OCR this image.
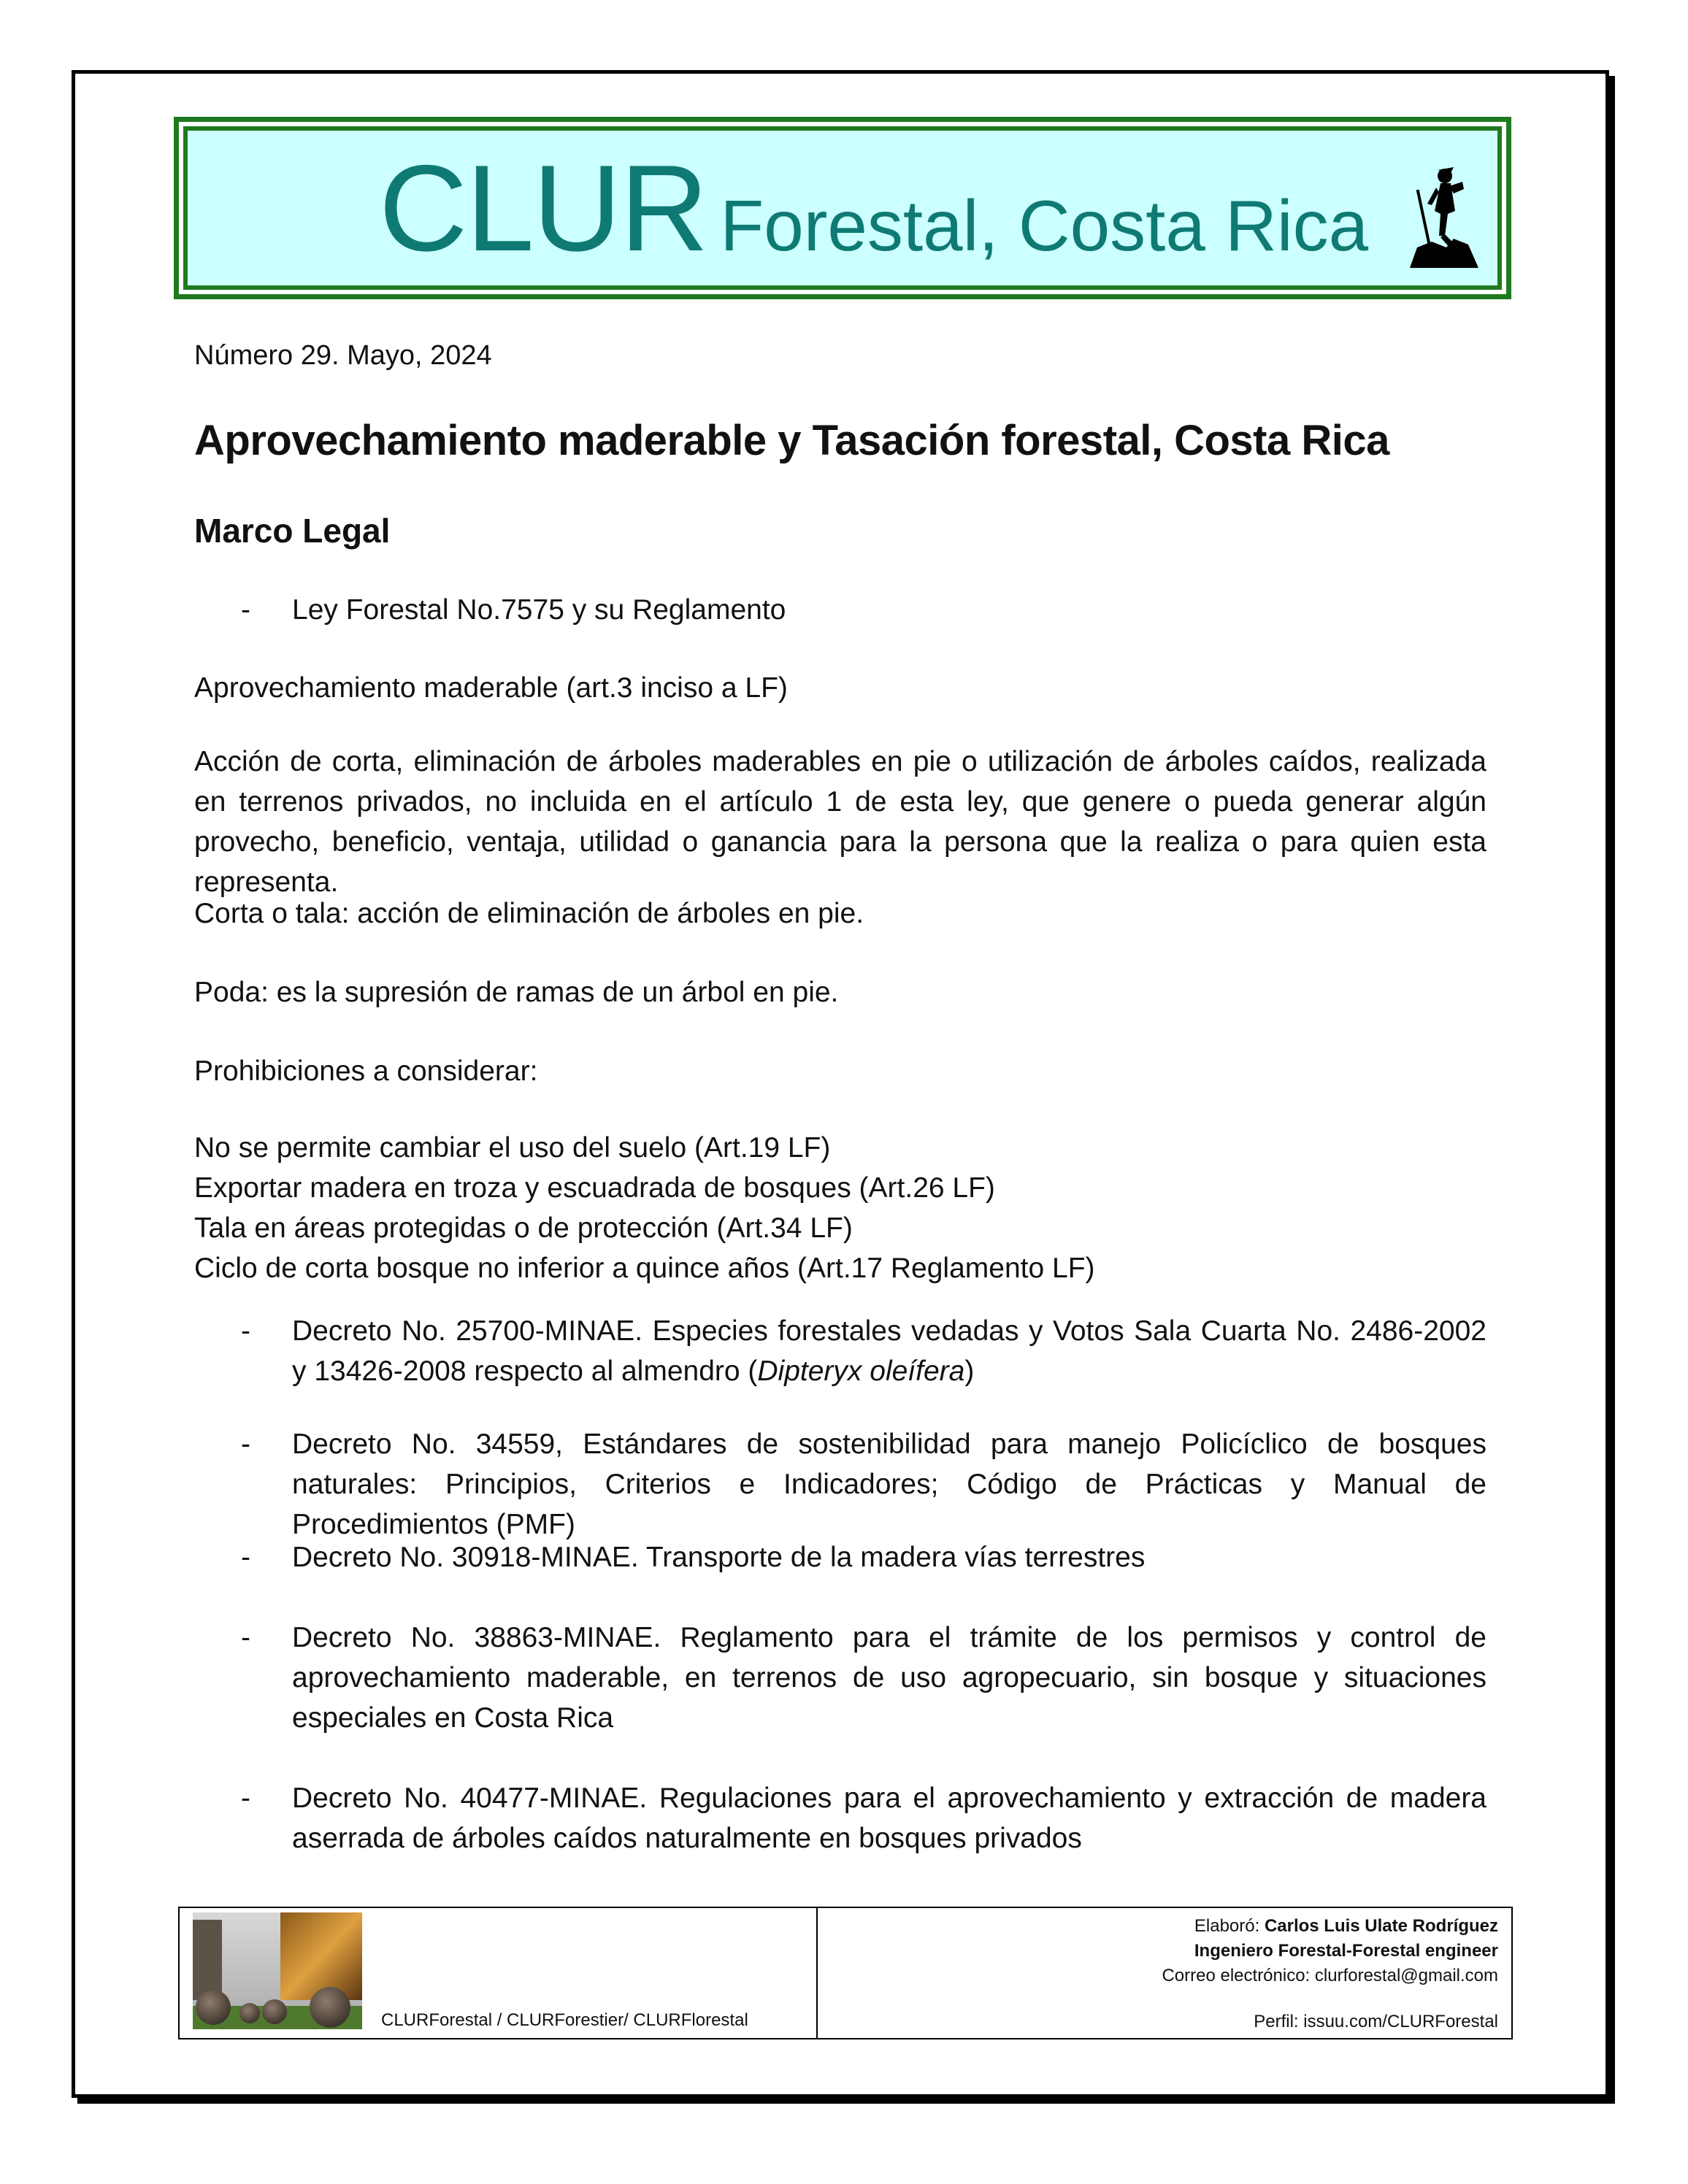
CLUR Forestal, Costa Rica
Número 29. Mayo, 2024
Aprovechamiento maderable y Tasación forestal, Costa Rica
Marco Legal
- Ley Forestal No.7575 y su Reglamento
Aprovechamiento maderable (art.3 inciso a LF)
Acción de corta, eliminación de árboles maderables en pie o utilización de árboles caídos, realizada en terrenos privados, no incluida en el artículo 1 de esta ley, que genere o pueda generar algún provecho, beneficio, ventaja, utilidad o ganancia para la persona que la realiza o para quien esta representa.
Corta o tala: acción de eliminación de árboles en pie.
Poda: es la supresión de ramas de un árbol en pie.
Prohibiciones a considerar:
No se permite cambiar el uso del suelo (Art.19 LF)
Exportar madera en troza y escuadrada de bosques (Art.26 LF)
Tala en áreas protegidas o de protección (Art.34 LF)
Ciclo de corta bosque no inferior a quince años (Art.17 Reglamento LF)
- Decreto No. 25700-MINAE. Especies forestales vedadas y Votos Sala Cuarta No. 2486-2002 y 13426-2008 respecto al almendro (Dipteryx oleífera)
- Decreto No. 34559, Estándares de sostenibilidad para manejo Policíclico de bosques naturales: Principios, Criterios e Indicadores; Código de Prácticas y Manual de Procedimientos (PMF)
- Decreto No. 30918-MINAE. Transporte de la madera vías terrestres
- Decreto No. 38863-MINAE. Reglamento para el trámite de los permisos y control de aprovechamiento maderable, en terrenos de uso agropecuario, sin bosque y situaciones especiales en Costa Rica
- Decreto No. 40477-MINAE. Regulaciones para el aprovechamiento y extracción de madera aserrada de árboles caídos naturalmente en bosques privados
CLURForestal / CLURForestier/ CLURFlorestal
Elaboró: Carlos Luis Ulate Rodríguez
Ingeniero Forestal-Forestal engineer
Correo electrónico: clurforestal@gmail.com
Perfil: issuu.com/CLURForestal
